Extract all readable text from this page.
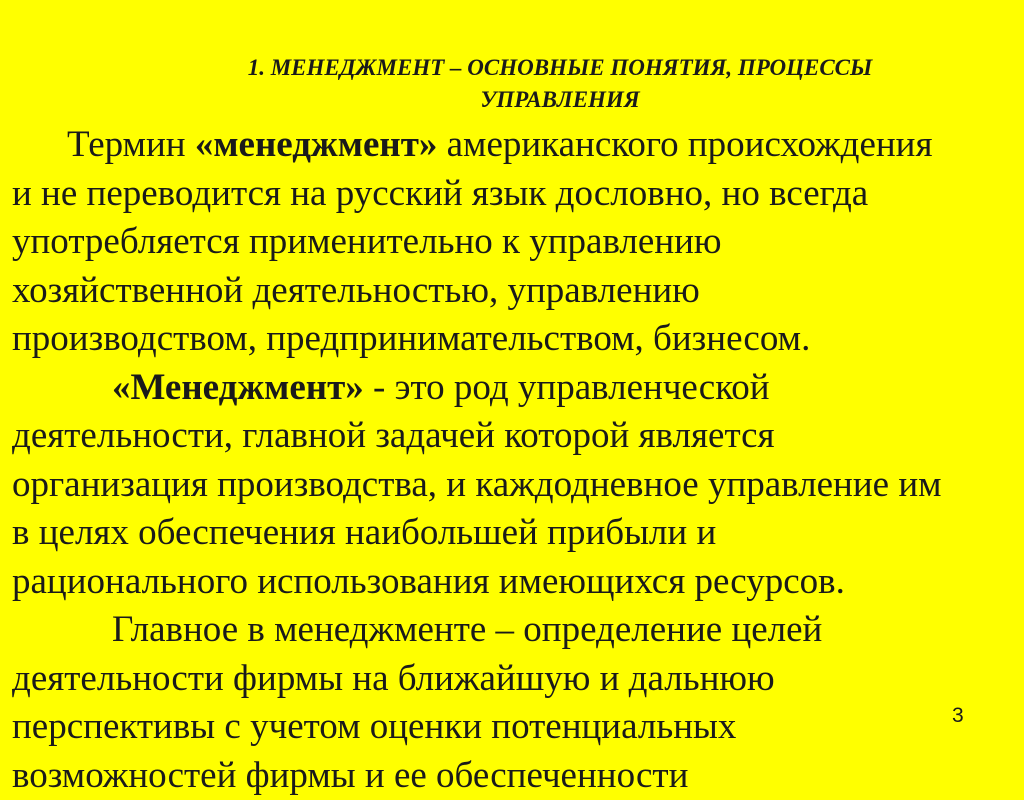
1. МЕНЕДЖМЕНТ – ОСНОВНЫЕ ПОНЯТИЯ, ПРОЦЕССЫ
УПРАВЛЕНИЯ
Термин «менеджмент» американского происхождения
и не переводится на русский язык дословно, но всегда
употребляется применительно к управлению
хозяйственной деятельностью, управлению
производством, предпринимательством, бизнесом.
«Менеджмент» - это род управленческой
деятельности, главной задачей которой является
организация производства, и каждодневное управление им
в целях обеспечения наибольшей прибыли и
рационального использования имеющихся ресурсов.
Главное в менеджменте – определение целей
деятельности фирмы на ближайшую и дальнюю
перспективы с учетом оценки потенциальных
возможностей фирмы и ее обеспеченности
3
